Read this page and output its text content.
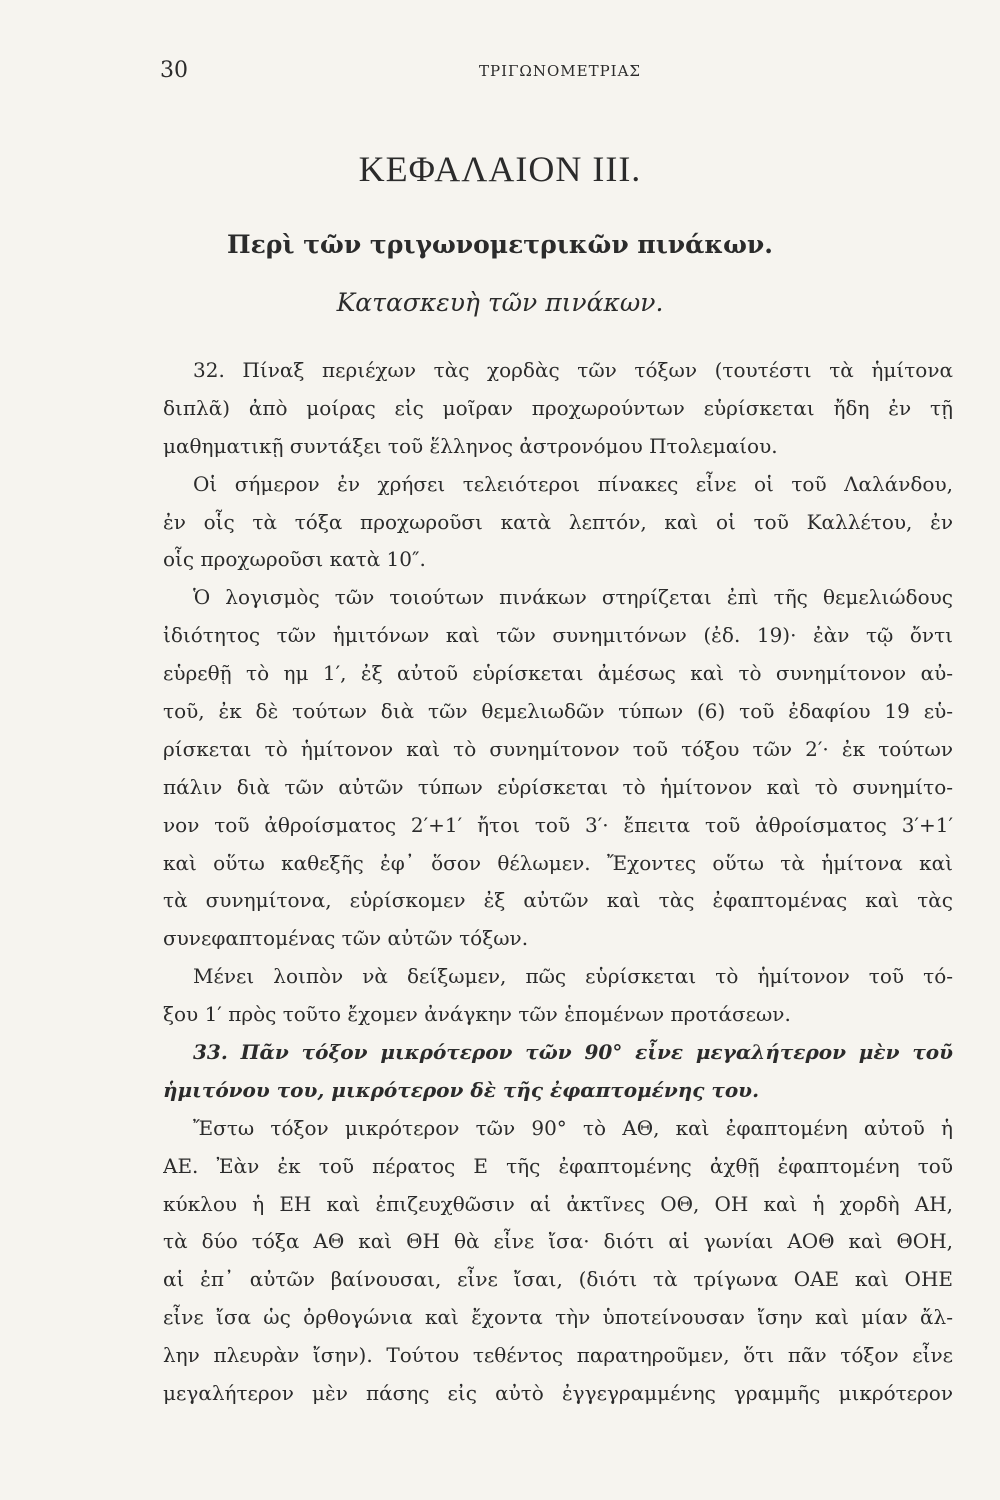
30	ΤΡΙΓΩΝΟΜΕΤΡΙΑΣ
ΚΕΦΑΛΑΙΟΝ III.
Περὶ τῶν τριγωνομετρικῶν πινάκων.
Κατασκευὴ τῶν πινάκων.
32. Πίναξ περιέχων τὰς χορδὰς τῶν τόξων (τουτέστι τὰ ἡμίτονα
διπλᾶ) ἀπὸ μοίρας εἰς μοῖραν προχωρούντων εὑρίσκεται ἤδη ἐν τῇ
μαθηματικῇ συντάξει τοῦ ἕλληνος ἀστρονόμου Πτολεμαίου.
Οἱ σήμερον ἐν χρήσει τελειότεροι πίνακες εἶνε οἱ τοῦ Λαλάνδου,
ἐν οἷς τὰ τόξα προχωροῦσι κατὰ λεπτόν, καὶ οἱ τοῦ Καλλέτου, ἐν
οἷς προχωροῦσι κατὰ 10″.
Ὁ λογισμὸς τῶν τοιούτων πινάκων στηρίζεται ἐπὶ τῆς θεμελιώδους
ἰδιότητος τῶν ἡμιτόνων καὶ τῶν συνημιτόνων (ἐδ. 19)· ἐὰν τῷ ὄντι
εὑρεθῇ τὸ ημ 1′, ἐξ αὐτοῦ εὑρίσκεται ἀμέσως καὶ τὸ συνημίτονον αὐ-
τοῦ, ἐκ δὲ τούτων διὰ τῶν θεμελιωδῶν τύπων (6) τοῦ ἐδαφίου 19 εὑ-
ρίσκεται τὸ ἡμίτονον καὶ τὸ συνημίτονον τοῦ τόξου τῶν 2′· ἐκ τούτων
πάλιν διὰ τῶν αὐτῶν τύπων εὑρίσκεται τὸ ἡμίτονον καὶ τὸ συνημίτο-
νον τοῦ ἀθροίσματος 2′+1′ ἤτοι τοῦ 3′· ἔπειτα τοῦ ἀθροίσματος 3′+1′
καὶ οὕτω καθεξῆς ἐφ᾽ ὅσον θέλωμεν. Ἔχοντες οὕτω τὰ ἡμίτονα καὶ
τὰ συνημίτονα, εὑρίσκομεν ἐξ αὐτῶν καὶ τὰς ἐφαπτομένας καὶ τὰς
συνεφαπτομένας τῶν αὐτῶν τόξων.
Μένει λοιπὸν νὰ δείξωμεν, πῶς εὑρίσκεται τὸ ἡμίτονον τοῦ τό-
ξου 1′ πρὸς τοῦτο ἔχομεν ἀνάγκην τῶν ἑπομένων προτάσεων.
33. Πᾶν τόξον μικρότερον τῶν 90° εἶνε μεγαλήτερον μὲν τοῦ
ἡμιτόνου του, μικρότερον δὲ τῆς ἐφαπτομένης του.
Ἔστω τόξον μικρότερον τῶν 90° τὸ ΑΘ, καὶ ἐφαπτομένη αὐτοῦ ἡ
ΑΕ. Ἐὰν ἐκ τοῦ πέρατος Ε τῆς ἐφαπτομένης ἀχθῇ ἐφαπτομένη τοῦ
κύκλου ἡ ΕΗ καὶ ἐπιζευχθῶσιν αἱ ἀκτῖνες ΟΘ, ΟΗ καὶ ἡ χορδὴ ΑΗ,
τὰ δύο τόξα ΑΘ καὶ ΘΗ θὰ εἶνε ἴσα· διότι αἱ γωνίαι ΑΟΘ καὶ ΘΟΗ,
αἱ ἐπ᾽ αὐτῶν βαίνουσαι, εἶνε ἴσαι, (διότι τὰ τρίγωνα ΟΑΕ καὶ ΟΗΕ
εἶνε ἴσα ὡς ὀρθογώνια καὶ ἔχοντα τὴν ὑποτείνουσαν ἴσην καὶ μίαν ἄλ-
λην πλευρὰν ἴσην). Τούτου τεθέντος παρατηροῦμεν, ὅτι πᾶν τόξον εἶνε
μεγαλήτερον μὲν πάσης εἰς αὐτὸ ἐγγεγραμμένης γραμμῆς μικρότερον
